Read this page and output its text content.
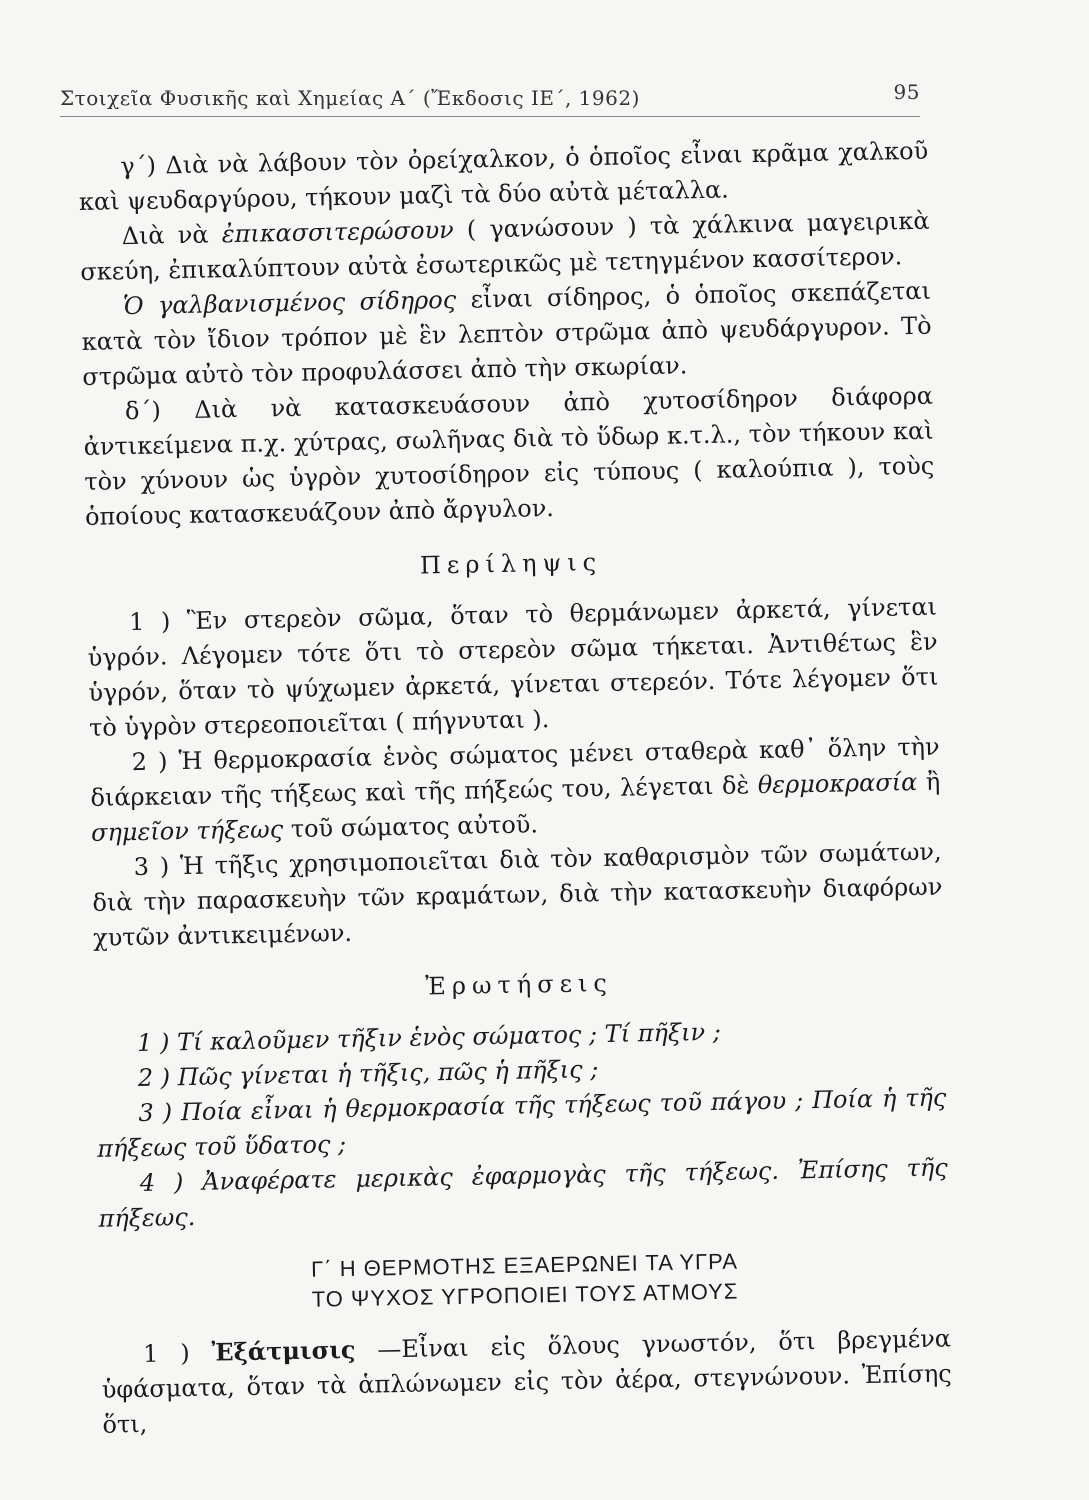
Στοιχεῖα Φυσικῆς καὶ Χημείας Α΄ (Ἔκδοσις ΙΕ΄, 1962)	95

γ΄) Διὰ νὰ λάβουν τὸν ὀρείχαλκον, ὁ ὁποῖος εἶναι κρᾶμα χαλκοῦ καὶ ψευδαργύρου, τήκουν μαζὶ τὰ δύο αὐτὰ μέταλλα.

Διὰ νὰ ἐπικασσιτερώσουν ( γανώσουν ) τὰ χάλκινα μαγειρικὰ σκεύη, ἐπικαλύπτουν αὐτὰ ἐσωτερικῶς μὲ τετηγμένον κασσίτερον.

Ὁ γαλβανισμένος σίδηρος εἶναι σίδηρος, ὁ ὁποῖος σκεπάζεται κατὰ τὸν ἴδιον τρόπον μὲ ἓν λεπτὸν στρῶμα ἀπὸ ψευδάργυρον. Τὸ στρῶμα αὐτὸ τὸν προφυλάσσει ἀπὸ τὴν σκωρίαν.

δ΄) Διὰ νὰ κατασκευάσουν ἀπὸ χυτοσίδηρον διάφορα ἀντικείμενα π.χ. χύτρας, σωλῆνας διὰ τὸ ὕδωρ κ.τ.λ., τὸν τήκουν καὶ τὸν χύνουν ὡς ὑγρὸν χυτοσίδηρον εἰς τύπους ( καλούπια ), τοὺς ὁποίους κατασκευάζουν ἀπὸ ἄργυλον.

Περίληψις

1 ) Ἓν στερεὸν σῶμα, ὅταν τὸ θερμάνωμεν ἀρκετά, γίνεται ὑγρόν. Λέγομεν τότε ὅτι τὸ στερεὸν σῶμα τήκεται. Ἀντιθέτως ἓν ὑγρόν, ὅταν τὸ ψύχωμεν ἀρκετά, γίνεται στερεόν. Τότε λέγομεν ὅτι τὸ ὑγρὸν στερεοποιεῖται ( πήγνυται ).

2 ) Ἡ θερμοκρασία ἑνὸς σώματος μένει σταθερὰ καθ᾽ ὅλην τὴν διάρκειαν τῆς τήξεως καὶ τῆς πήξεώς του, λέγεται δὲ θερμοκρασία ἢ σημεῖον τήξεως τοῦ σώματος αὐτοῦ.

3 ) Ἡ τῆξις χρησιμοποιεῖται διὰ τὸν καθαρισμὸν τῶν σωμάτων, διὰ τὴν παρασκευὴν τῶν κραμάτων, διὰ τὴν κατασκευὴν διαφόρων χυτῶν ἀντικειμένων.

Ἐρωτήσεις

1 ) Τί καλοῦμεν τῆξιν ἑνὸς σώματος ; Τί πῆξιν ;

2 ) Πῶς γίνεται ἡ τῆξις, πῶς ἡ πῆξις ;

3 ) Ποία εἶναι ἡ θερμοκρασία τῆς τήξεως τοῦ πάγου ; Ποία ἡ τῆς πήξεως τοῦ ὕδατος ;

4 ) Ἀναφέρατε μερικὰς ἐφαρμογὰς τῆς τήξεως. Ἐπίσης τῆς πήξεως.

Γ΄ Η ΘΕΡΜΟΤΗΣ ΕΞΑΕΡΩΝΕΙ ΤΑ ΥΓΡΑ
ΤΟ ΨΥΧΟΣ ΥΓΡΟΠΟΙΕΙ ΤΟΥΣ ΑΤΜΟΥΣ

1 ) Ἐξάτμισις —Εἶναι εἰς ὅλους γνωστόν, ὅτι βρεγμένα ὑφάσματα, ὅταν τὰ ἁπλώνωμεν εἰς τὸν ἀέρα, στεγνώνουν. Ἐπίσης ὅτι,
